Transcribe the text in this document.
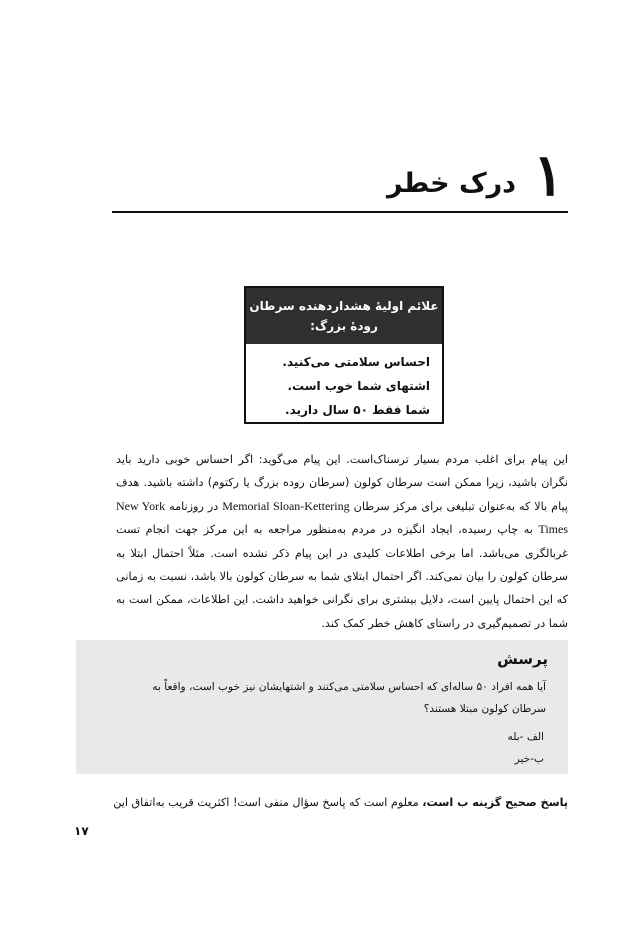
۱
درک خطر
علائم اولیهٔ هشداردهنده سرطان
رودهٔ بزرگ:
احساس سلامتی می‌کنید.
اشتهای شما خوب است.
شما فقط ۵۰ سال دارید.

این پیام برای اغلب مردم بسیار ترسناک‌است. این پیام می‌گوید: اگر احساس خوبی دارید باید نگران باشید، زیرا ممکن است سرطان کولون (سرطان روده بزرگ یا رکتوم) داشته باشید. هدف پیام بالا که به‌عنوان تبلیغی برای مرکز سرطان Memorial Sloan-Kettering در روزنامه New York Times به چاپ رسیده، ایجاد انگیزه در مردم به‌منظور مراجعه به این مرکز جهت انجام تست غربالگری می‌باشد. اما برخی اطلاعات کلیدی در این پیام ذکر نشده است. مثلاً احتمال ابتلا به سرطان کولون را بیان نمی‌کند. اگر احتمال ابتلای شما به سرطان کولون بالا باشد، نسبت به زمانی که این احتمال پایین است، دلایل بیشتری برای نگرانی خواهید داشت. این اطلاعات، ممکن است به شما در تصمیم‌گیری در راستای کاهش خطر کمک کند.

پرسش
آیا همه افراد ۵۰ ساله‌ای که احساس سلامتی می‌کنند و اشتهایشان نیز خوب است، واقعاً به سرطان کولون مبتلا هستند؟
الف -بله
ب-خیر
پاسخ صحیح گزینه ب است، معلوم است که پاسخ سؤال منفی است! اکثریت قریب به‌اتفاق این
۱۷
